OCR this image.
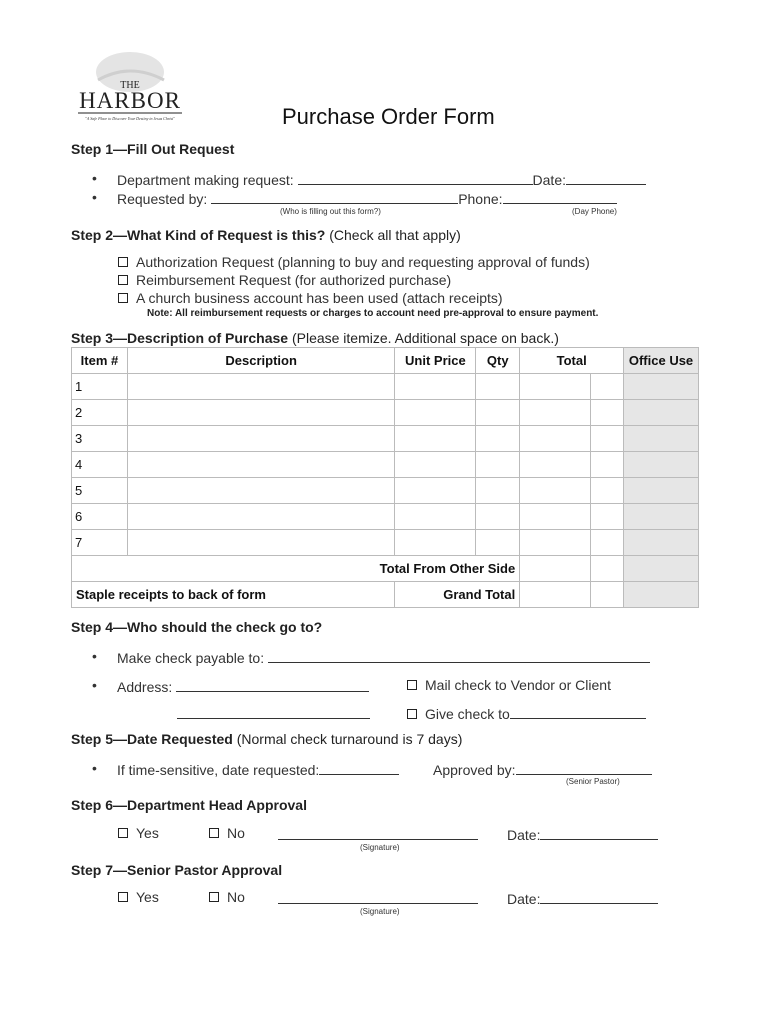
THE
HARBOR
"A Safe Place to Discover Your Destiny in Jesus Christ"	Purchase Order Form
Step 1—Fill Out Request
• Department making request:	Date:
• Requested by:	Phone:
(Who is filling out this form?)	(Day Phone)
Step 2—What Kind of Request is this? (Check all that apply)
Authorization Request (planning to buy and requesting approval of funds)
Reimbursement Request (for authorized purchase)
A church business account has been used (attach receipts)
Note: All reimbursement requests or charges to account need pre-approval to ensure payment.
Step 3—Description of Purchase (Please itemize. Additional space on back.)
Item #	Description	Unit Price	Qty	Total		Office Use
1						
2						
3						
4						
5						
6						
7						
Total From Other Side						
Staple receipts to back of form		Grand Total				
Step 4—Who should the check go to?
• Make check payable to:
• Address:	Mail check to Vendor or Client
Give check to
Step 5—Date Requested (Normal check turnaround is 7 days)
• If time-sensitive, date requested:	Approved by:
(Senior Pastor)
Step 6—Department Head Approval
Yes	No
(Signature)
Date:
Step 7—Senior Pastor Approval
Yes	No
(Signature)
Date:
